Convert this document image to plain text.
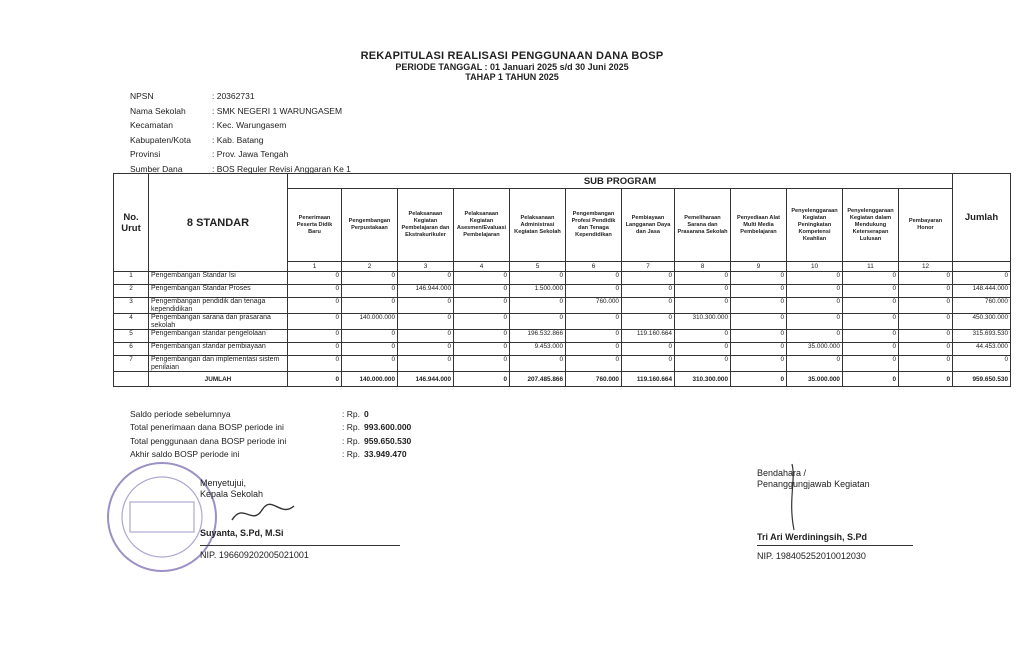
REKAPITULASI REALISASI PENGGUNAAN DANA BOSP
PERIODE TANGGAL : 01 Januari 2025 s/d 30 Juni 2025
TAHAP 1 TAHUN 2025
NPSN	: 20362731
Nama Sekolah	: SMK NEGERI 1 WARUNGASEM
Kecamatan	: Kec. Warungasem
Kabupaten/Kota	: Kab. Batang
Provinsi	: Prov. Jawa Tengah
Sumber Dana	: BOS Reguler Revisi Anggaran Ke 1
No. Urut	8 STANDAR	SUB PROGRAM												Jumlah
		Penerimaan Peserta Didik Baru	Pengembangan Perpustakaan	Pelaksanaan Kegiatan Pembelajaran dan Ekstrakurikuler	Pelaksanaan Kegiatan Asesmen/Evaluasi Pembelajaran	Pelaksanaan Administrasi Kegiatan Sekolah	Pengembangan Profesi Pendidik dan Tenaga Kependidikan	Pembiayaan Langganan Daya dan Jasa	Pemeliharaan Sarana dan Prasarana Sekolah	Penyediaan Alat Multi Media Pembelajaran	Penyelenggaraan Kegiatan Peningkatan Kompetensi Keahlian	Penyelenggaraan Kegiatan dalam Mendukung Keterserapan Lulusan	Pembayaran Honor	
		1	2	3	4	5	6	7	8	9	10	11	12	
1	Pengembangan Standar Isi	0	0	0	0	0	0	0	0	0	0	0	0	0
2	Pengembangan Standar Proses	0	0	146.944.000	0	1.500.000	0	0	0	0	0	0	0	148.444.000
3	Pengembangan pendidik dan tenaga kependidikan	0	0	0	0	0	760.000	0	0	0	0	0	0	760.000
4	Pengembangan sarana dan prasarana sekolah	0	140.000.000	0	0	0	0	0	310.300.000	0	0	0	0	450.300.000
5	Pengembangan standar pengelolaan	0	0	0	0	196.532.866	0	119.160.664	0	0	0	0	0	315.693.530
6	Pengembangan standar pembiayaan	0	0	0	0	9.453.000	0	0	0	0	35.000.000	0	0	44.453.000
7	Pengembangan dan implementasi sistem penilaian	0	0	0	0	0	0	0	0	0	0	0	0	0
	JUMLAH	0	140.000.000	146.944.000	0	207.485.866	760.000	119.160.664	310.300.000	0	35.000.000	0	0	959.650.530
Saldo periode sebelumnya	: Rp. 0
Total penerimaan dana BOSP periode ini	: Rp. 993.600.000
Total penggunaan dana BOSP periode ini	: Rp. 959.650.530
Akhir saldo BOSP periode ini	: Rp. 33.949.470
Menyetujui,
Kepala Sekolah
Suyanta, S.Pd, M.Si
NIP. 196609202005021001
Bendahara /
Penanggungjawab Kegiatan
Tri Ari Werdiningsih, S.Pd
NIP. 198405252010012030
